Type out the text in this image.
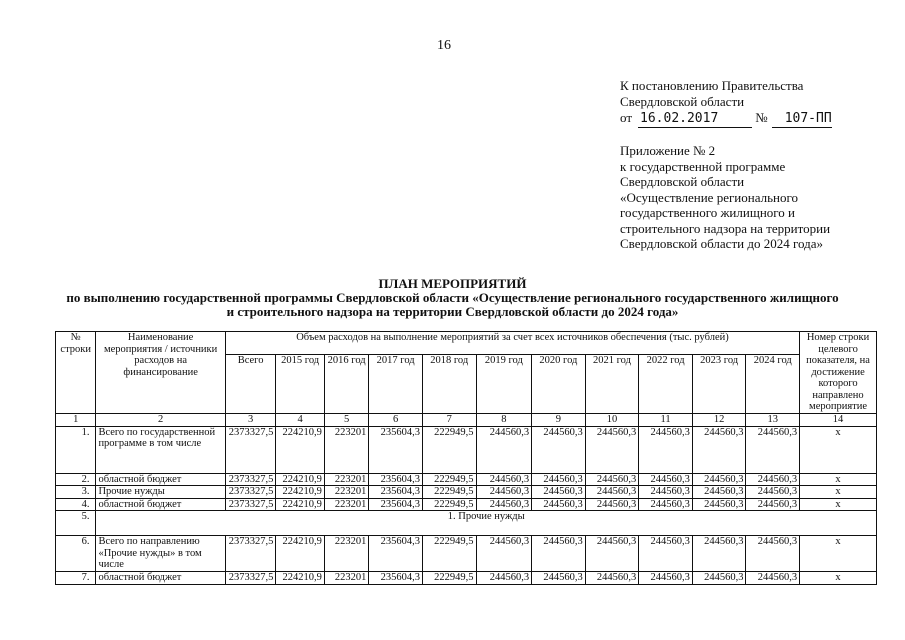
16
К постановлению Правительства
Свердловской области
от 16.02.2017	№ 107-ПП
Приложение № 2
к государственной программе
Свердловской области
«Осуществление регионального
государственного жилищного и
строительного надзора на территории
Свердловской области до 2024 года»
ПЛАН МЕРОПРИЯТИЙ
по выполнению государственной программы Свердловской области «Осуществление регионального государственного жилищного
и строительного надзора на территории Свердловской области до 2024 года»
№ строки	Наименование мероприятия / источники расходов на финансирование	Объем расходов на выполнение мероприятий за счет всех источников обеспечения (тыс. рублей)											Номер строки целевого показателя, на достижение которого направлено мероприятие
		Всего	2015 год	2016 год	2017 год	2018 год	2019 год	2020 год	2021 год	2022 год	2023 год	2024 год	
1	2	3	4	5	6	7	8	9	10	11	12	13	14
1.	Всего по государственной программе в том числе	2373327,5	224210,9	223201	235604,3	222949,5	244560,3	244560,3	244560,3	244560,3	244560,3	244560,3	x
2.	областной бюджет	2373327,5	224210,9	223201	235604,3	222949,5	244560,3	244560,3	244560,3	244560,3	244560,3	244560,3	x
3.	Прочие нужды	2373327,5	224210,9	223201	235604,3	222949,5	244560,3	244560,3	244560,3	244560,3	244560,3	244560,3	x
4.	областной бюджет	2373327,5	224210,9	223201	235604,3	222949,5	244560,3	244560,3	244560,3	244560,3	244560,3	244560,3	x
5.	1. Прочие нужды												
6.	Всего по направлению «Прочие нужды» в том числе	2373327,5	224210,9	223201	235604,3	222949,5	244560,3	244560,3	244560,3	244560,3	244560,3	244560,3	x
7.	областной бюджет	2373327,5	224210,9	223201	235604,3	222949,5	244560,3	244560,3	244560,3	244560,3	244560,3	244560,3	x
